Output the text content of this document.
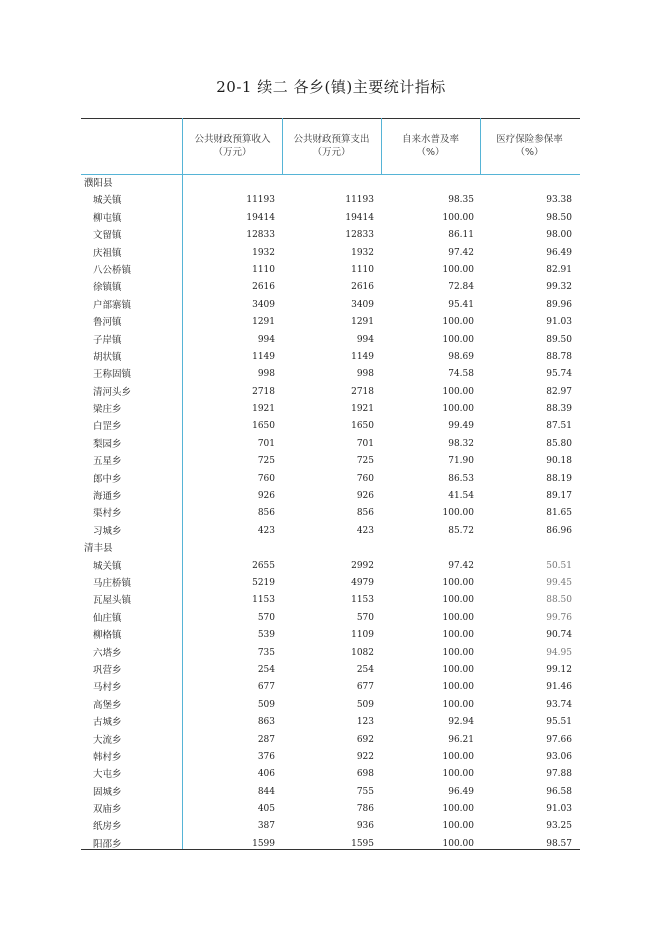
20-1 续二 各乡(镇)主要统计指标
公共财政预算收入
（万元）
公共财政预算支出
（万元）
自来水普及率
（%）
医疗保险参保率
（%）
濮阳县
城关镇	11193	11193	98.35	93.38
柳屯镇	19414	19414	100.00	98.50
文留镇	12833	12833	86.11	98.00
庆祖镇	1932	1932	97.42	96.49
八公桥镇	1110	1110	100.00	82.91
徐镇镇	2616	2616	72.84	99.32
户部寨镇	3409	3409	95.41	89.96
鲁河镇	1291	1291	100.00	91.03
子岸镇	994	994	100.00	89.50
胡状镇	1149	1149	98.69	88.78
王称固镇	998	998	74.58	95.74
清河头乡	2718	2718	100.00	82.97
梁庄乡	1921	1921	100.00	88.39
白罡乡	1650	1650	99.49	87.51
梨园乡	701	701	98.32	85.80
五星乡	725	725	71.90	90.18
郎中乡	760	760	86.53	88.19
海通乡	926	926	41.54	89.17
渠村乡	856	856	100.00	81.65
习城乡	423	423	85.72	86.96
清丰县
城关镇	2655	2992	97.42	50.51
马庄桥镇	5219	4979	100.00	99.45
瓦屋头镇	1153	1153	100.00	88.50
仙庄镇	570	570	100.00	99.76
柳格镇	539	1109	100.00	90.74
六塔乡	735	1082	100.00	94.95
巩营乡	254	254	100.00	99.12
马村乡	677	677	100.00	91.46
高堡乡	509	509	100.00	93.74
古城乡	863	123	92.94	95.51
大流乡	287	692	96.21	97.66
韩村乡	376	922	100.00	93.06
大屯乡	406	698	100.00	97.88
固城乡	844	755	96.49	96.58
双庙乡	405	786	100.00	91.03
纸房乡	387	936	100.00	93.25
阳邵乡	1599	1595	100.00	98.57
